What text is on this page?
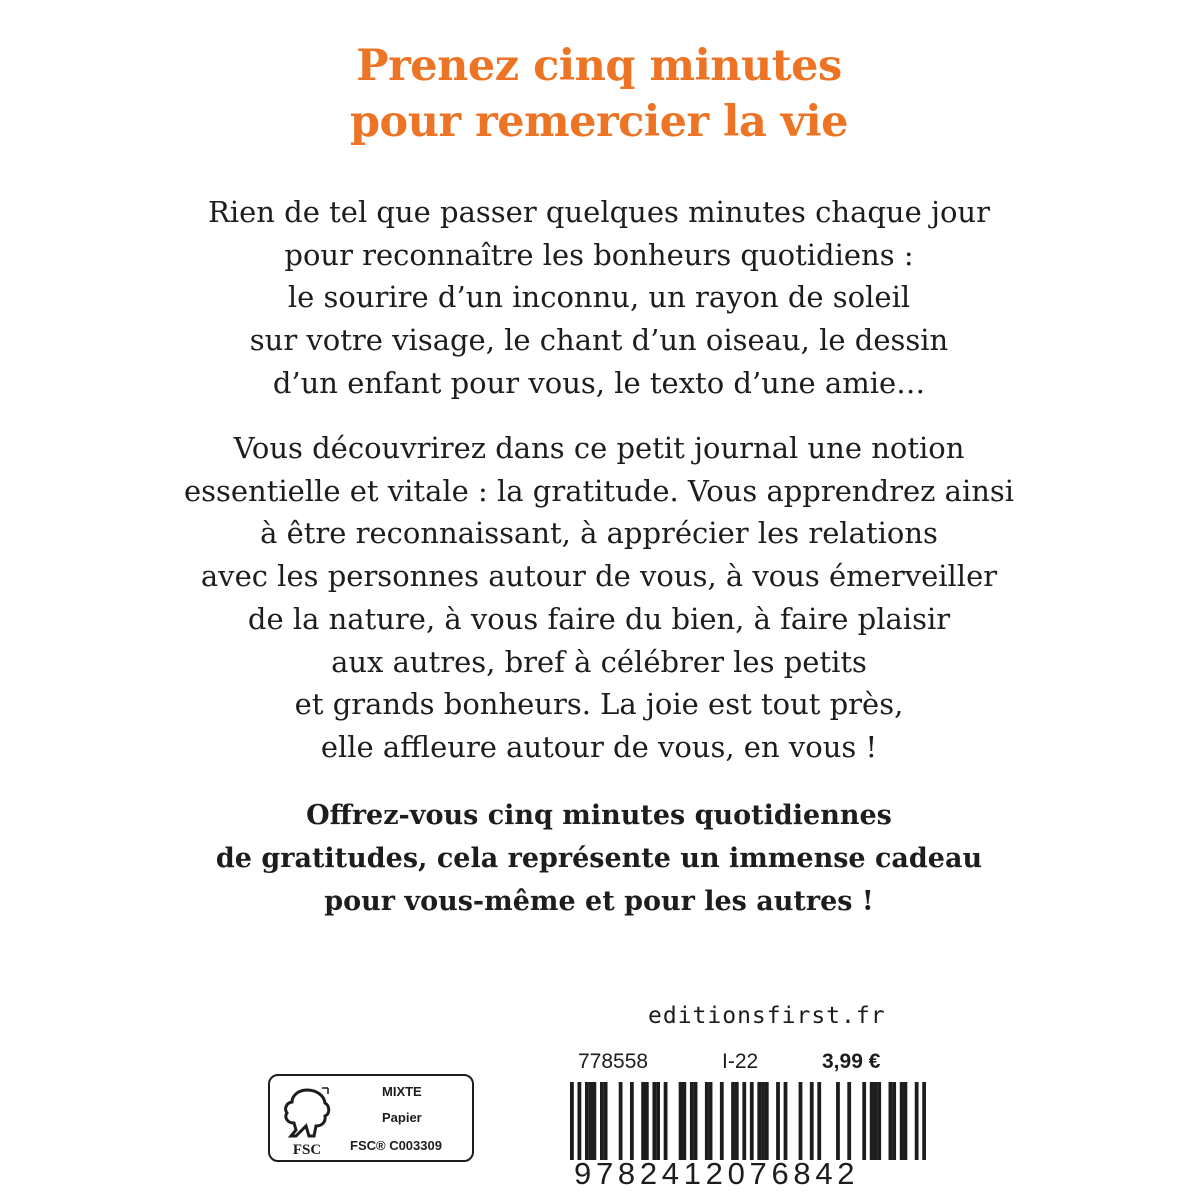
Prenez cinq minutes
pour remercier la vie
Rien de tel que passer quelques minutes chaque jour
pour reconnaître les bonheurs quotidiens :
le sourire d’un inconnu, un rayon de soleil
sur votre visage, le chant d’un oiseau, le dessin
d’un enfant pour vous, le texto d’une amie…
Vous découvrirez dans ce petit journal une notion
essentielle et vitale : la gratitude. Vous apprendrez ainsi
à être reconnaissant, à apprécier les relations
avec les personnes autour de vous, à vous émerveiller
de la nature, à vous faire du bien, à faire plaisir
aux autres, bref à célébrer les petits
et grands bonheurs. La joie est tout près,
elle affleure autour de vous, en vous !
Offrez-vous cinq minutes quotidiennes
de gratitudes, cela représente un immense cadeau
pour vous-même et pour les autres !
editionsfirst.fr
778558	I-22	3,99 €
FSC
MIXTE
Papier
FSC® C003309
9782412076842
